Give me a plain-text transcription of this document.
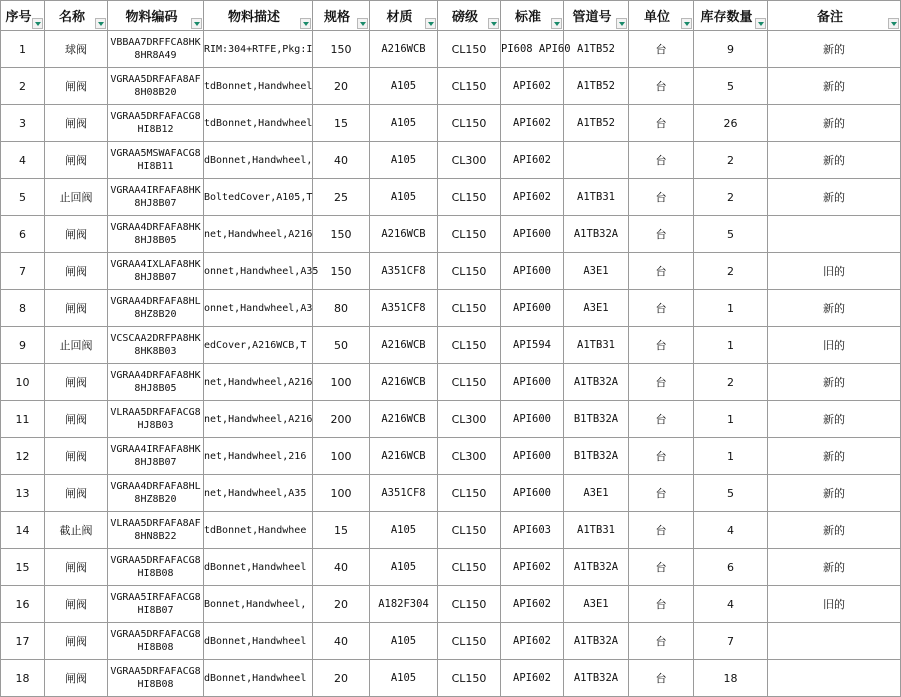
序号	名称	物料编码	物料描述	规格	材质	磅级	标准	管道号	单位	库存数量	备注

1	球阀	VBBAA7DRFFCA8HK8HR8A49	RIM:304+RTFE,Pkg:I	150	A216WCB	CL150	PI608 API60	A1TB52	台	9	新的
2	闸阀	VGRAA5DRFAFA8AF8H08B20	tdBonnet,Handwheel	20	A105	CL150	API602	A1TB52	台	5	新的
3	闸阀	VGRAA5DRFAFACG8HI8B12	tdBonnet,Handwheel	15	A105	CL150	API602	A1TB52	台	26	新的
4	闸阀	VGRAA5MSWAFACG8HI8B11	dBonnet,Handwheel,	40	A105	CL300	API602		台	2	新的
5	止回阀	VGRAA4IRFAFA8HK8HJ8B07	BoltedCover,A105,T	25	A105	CL150	API602	A1TB31	台	2	新的
6	闸阀	VGRAA4DRFAFA8HK8HJ8B05	net,Handwheel,A216	150	A216WCB	CL150	API600	A1TB32A	台	5	
7	闸阀	VGRAA4IXLAFA8HK8HJ8B07	onnet,Handwheel,A35	150	A351CF8	CL150	API600	A3E1	台	2	旧的
8	闸阀	VGRAA4DRFAFA8HL8HZ8B20	onnet,Handwheel,A3	80	A351CF8	CL150	API600	A3E1	台	1	新的
9	止回阀	VCSCAA2DRFPA8HK8HK8B03	edCover,A216WCB,T	50	A216WCB	CL150	API594	A1TB31	台	1	旧的
10	闸阀	VGRAA4DRFAFA8HK8HJ8B05	net,Handwheel,A216	100	A216WCB	CL150	API600	A1TB32A	台	2	新的
11	闸阀	VLRAA5DRFAFACG8HJ8B03	net,Handwheel,A216	200	A216WCB	CL300	API600	B1TB32A	台	1	新的
12	闸阀	VGRAA4IRFAFA8HK8HJ8B07	net,Handwheel,216	100	A216WCB	CL300	API600	B1TB32A	台	1	新的
13	闸阀	VGRAA4DRFAFA8HL8HZ8B20	net,Handwheel,A35	100	A351CF8	CL150	API600	A3E1	台	5	新的
14	截止阀	VLRAA5DRFAFA8AF8HN8B22	tdBonnet,Handwhee	15	A105	CL150	API603	A1TB31	台	4	新的
15	闸阀	VGRAA5DRFAFACG8HI8B08	dBonnet,Handwheel	40	A105	CL150	API602	A1TB32A	台	6	新的
16	闸阀	VGRAA5IRFAFACG8HI8B07	Bonnet,Handwheel,	20	A182F304	CL150	API602	A3E1	台	4	旧的
17	闸阀	VGRAA5DRFAFACG8HI8B08	dBonnet,Handwheel	40	A105	CL150	API602	A1TB32A	台	7	
18	闸阀	VGRAA5DRFAFACG8HI8B08	dBonnet,Handwheel	20	A105	CL150	API602	A1TB32A	台	18	
